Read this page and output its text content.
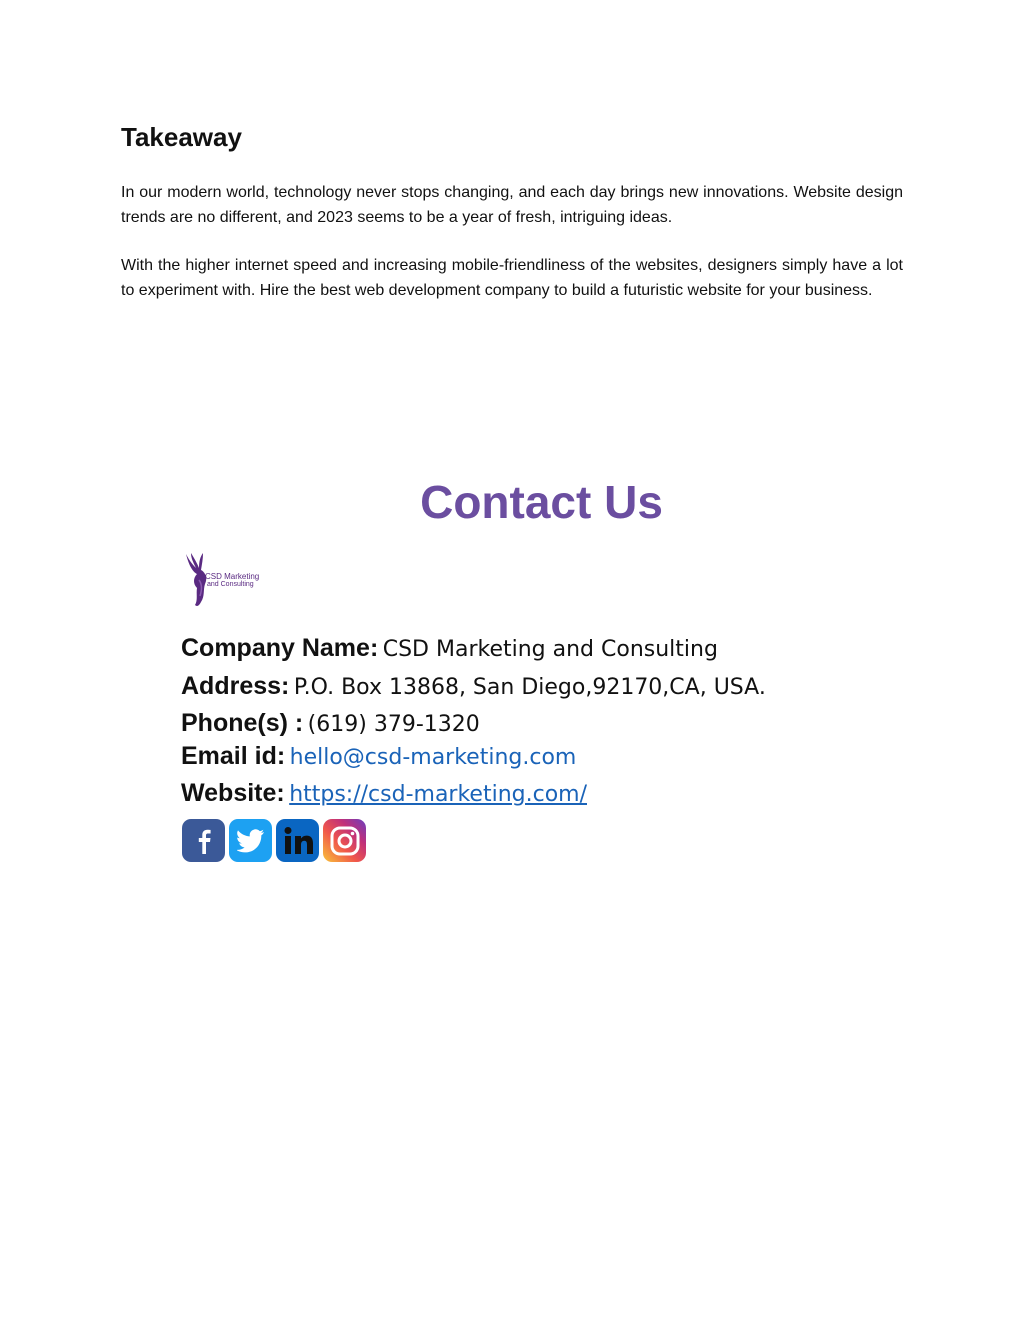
Takeaway

In our modern world, technology never stops changing, and each day brings new innovations. Website design trends are no different, and 2023 seems to be a year of fresh, intriguing ideas.

With the higher internet speed and increasing mobile-friendliness of the websites, designers simply have a lot to experiment with. Hire the best web development company to build a futuristic website for your business.

Contact Us
CSD Marketing
and Consulting

Company Name: CSD Marketing and Consulting

Address: P.O. Box 13868, San Diego,92170,CA, USA.

Phone(s) : (619) 379-1320

Email id: hello@csd-marketing.com

Website: https://csd-marketing.com/
